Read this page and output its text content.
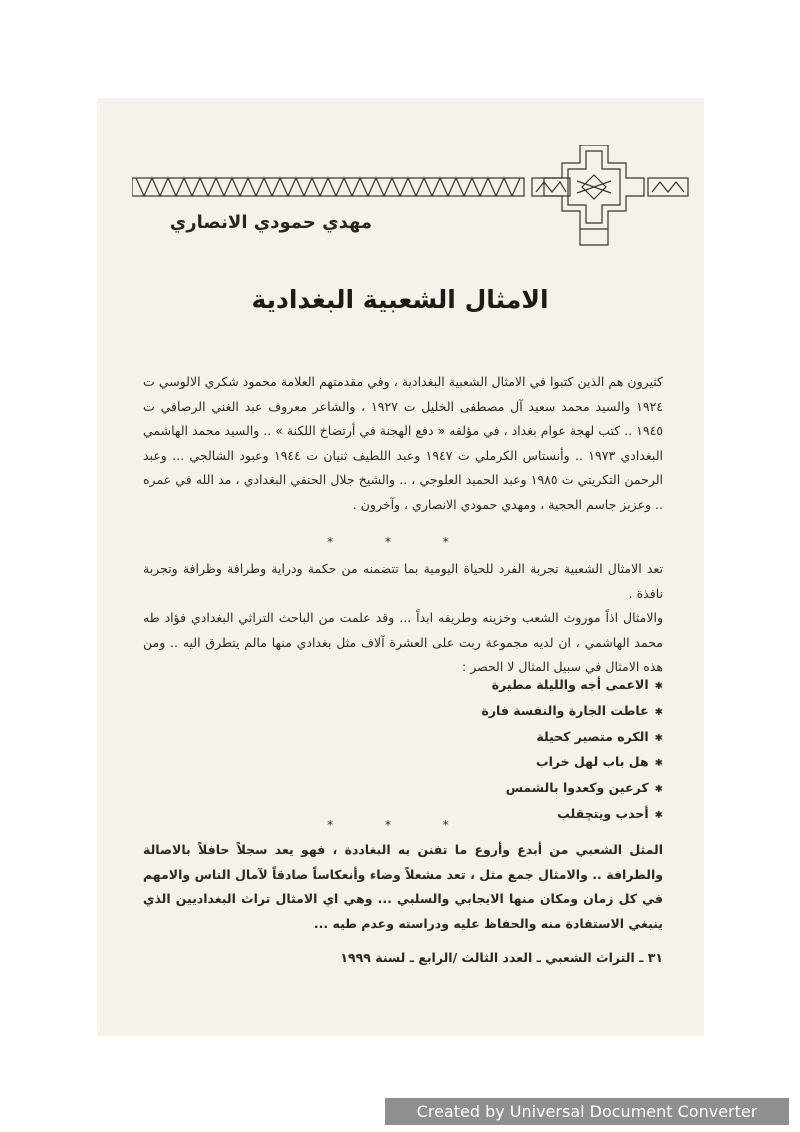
مهدي حمودي الانصاري
الامثال الشعبية البغدادية

كثيرون هم الذين كتبوا في الامثال الشعبية البغدادية ، وفي مقدمتهم العلامة محمود شكري الالوسي ت ١٩٢٤ والسيد محمد سعيد آل مصطفى الخليل ت ١٩٢٧ ، والشاعر معروف عبد الغني الرصافي ت ١٩٤٥ .. كتب لهجة عوام بغداد ، في مؤلفه « دفع الهجنة في أرتضاخ اللكنة » .. والسيد محمد الهاشمي البغدادي ١٩٧٣ .. وأنستاس الكرملي ت ١٩٤٧ وعبد اللطيف ثنيان ت ١٩٤٤ وعبود الشالجي ... وعبد الرحمن التكريتي ت ١٩٨٥ وعبد الحميد العلوجي ، .. والشيخ جلال الحنفي البغدادي ، مد الله في عمره .. وعزيز جاسم الحجية ، ومهدي حمودي الانصاري ، وآخرون .

* * *

تعد الامثال الشعبية تجربة الفرد للحياة اليومية بما تتضمنه من حكمة ودراية وطرافة وظرافة وتجربة نافذة .

والامثال اذاً موروث الشعب وخزينه وطريفه ابداً ... وقد علمت من الباحث التراثي البغدادي فؤاد طه محمد الهاشمي ، ان لديه مجموعة ربت على العشرة آلاف مثل بغدادي منها مالم يتطرق اليه .. ومن هذه الامثال في سبيل المثال لا الحصر :

✱الاعمى أجه والليلة مطيرة
✱عاطت الجارة والنفسة فارة
✱الكره متصير كحيلة
✱هل باب لهل خراب
✱كرعين وكعدوا بالشمس
✱أحدب ويتچقلب
* * *

المثل الشعبي من أبدع وأروع ما تفنن به البغاددة ، فهو يعد سجلاً حافلاً بالاصالة والطرافة .. والامثال جمع مثل ، تعد مشعلاً وضاء وأنعكاساً صادقاً لآمال الناس والامهم في كل زمان ومكان منها الايجابي والسلبي ... وهي اي الامثال تراث البغداديين الذي ينبغي الاستفادة منه والحفاظ عليه ودراسته وعدم طيه ...

٣١ ـ التراث الشعبي ـ العدد الثالث /الرابع ـ لسنة ١٩٩٩
Created by Universal Document Converter
